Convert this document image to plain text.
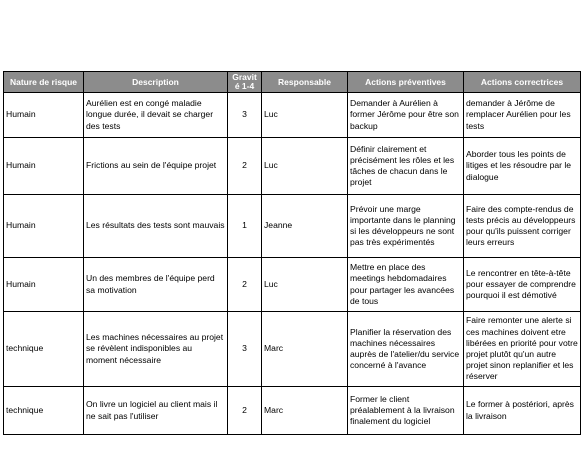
Nature de risque	Description	Gravité 1-4	Responsable	Actions préventives	Actions correctrices
Humain	Aurélien est en congé maladie longue durée, il devait se charger des tests	3	Luc	Demander à Aurélien à former Jérôme pour être son backup	demander à Jérôme de remplacer Aurélien pour les tests
Humain	Frictions au sein de l'équipe projet	2	Luc	Définir clairement et précisément les rôles et les tâches de chacun dans le projet	Aborder tous les points de litiges et les résoudre par le dialogue
Humain	Les résultats des tests sont mauvais	1	Jeanne	Prévoir une marge importante dans le planning si les développeurs ne sont pas très expérimentés	Faire des compte-rendus de tests précis au développeurs pour qu'ils puissent corriger leurs erreurs
Humain	Un des membres de l'équipe perd sa motivation	2	Luc	Mettre en place des meetings hebdomadaires pour partager les avancées de tous	Le rencontrer en tête-à-tête pour essayer de comprendre pourquoi il est démotivé
technique	Les machines nécessaires au projet se révèlent indisponibles au moment nécessaire	3	Marc	Planifier la réservation des machines nécessaires auprès de l'atelier/du service concerné à l'avance	Faire remonter une alerte si ces machines doivent etre libérées en priorité pour votre projet plutôt qu'un autre projet sinon replanifier et les réserver
technique	On livre un logiciel au client mais il ne sait pas l'utiliser	2	Marc	Former le client préalablement à la livraison finalement du logiciel	Le former à postériori, après la livraison
